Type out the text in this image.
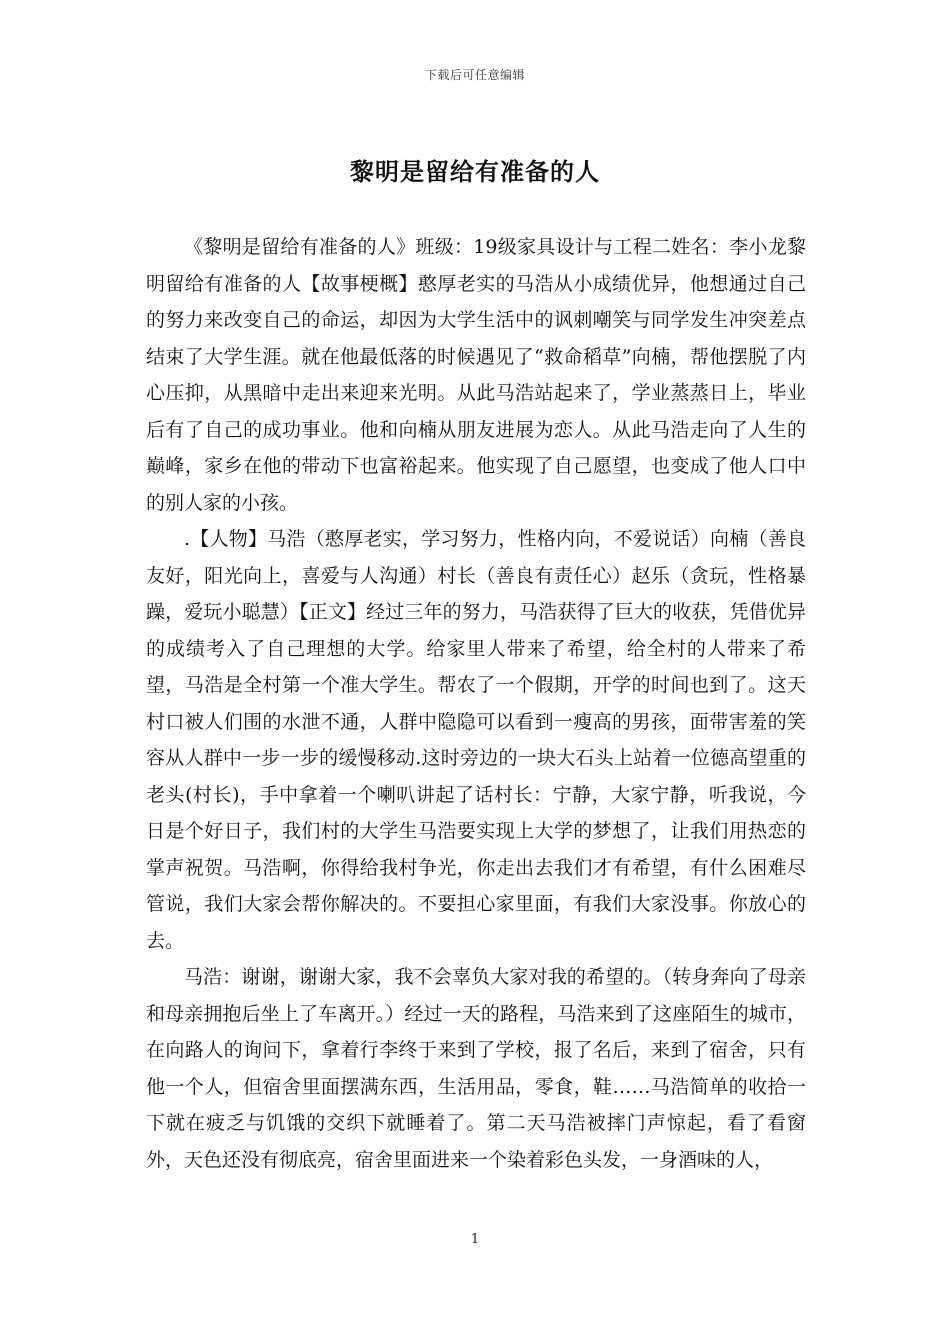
下载后可任意编辑
黎明是留给有准备的人

《黎明是留给有准备的人》班级：19级家具设计与工程二姓名：李小龙黎明留给有准备的人【故事梗概】憨厚老实的马浩从小成绩优异，他想通过自己的努力来改变自己的命运，却因为大学生活中的讽刺嘲笑与同学发生冲突差点结束了大学生涯。就在他最低落的时候遇见了“救命稻草”向楠，帮他摆脱了内心压抑，从黑暗中走出来迎来光明。从此马浩站起来了，学业蒸蒸日上，毕业后有了自己的成功事业。他和向楠从朋友进展为恋人。从此马浩走向了人生的巅峰，家乡在他的带动下也富裕起来。他实现了自己愿望，也变成了他人口中的别人家的小孩。

.【人物】马浩（憨厚老实，学习努力，性格内向，不爱说话）向楠（善良友好，阳光向上，喜爱与人沟通）村长（善良有责任心）赵乐（贪玩，性格暴躁，爱玩小聪慧）【正文】经过三年的努力，马浩获得了巨大的收获，凭借优异的成绩考入了自己理想的大学。给家里人带来了希望，给全村的人带来了希望，马浩是全村第一个准大学生。帮农了一个假期，开学的时间也到了。这天村口被人们围的水泄不通，人群中隐隐可以看到一瘦高的男孩，面带害羞的笑容从人群中一步一步的缓慢移动.这时旁边的一块大石头上站着一位德高望重的老头(村长)，手中拿着一个喇叭讲起了话村长：宁静，大家宁静，听我说，今日是个好日子，我们村的大学生马浩要实现上大学的梦想了，让我们用热恋的掌声祝贺。马浩啊，你得给我村争光，你走出去我们才有希望，有什么困难尽管说，我们大家会帮你解决的。不要担心家里面，有我们大家没事。你放心的去。

马浩：谢谢，谢谢大家，我不会辜负大家对我的希望的。（转身奔向了母亲和母亲拥抱后坐上了车离开。）经过一天的路程，马浩来到了这座陌生的城市，在向路人的询问下，拿着行李终于来到了学校，报了名后，来到了宿舍，只有他一个人，但宿舍里面摆满东西，生活用品，零食，鞋……马浩简单的收拾一下就在疲乏与饥饿的交织下就睡着了。第二天马浩被摔门声惊起，看了看窗外，天色还没有彻底亮，宿舍里面进来一个染着彩色头发，一身酒味的人，

1
